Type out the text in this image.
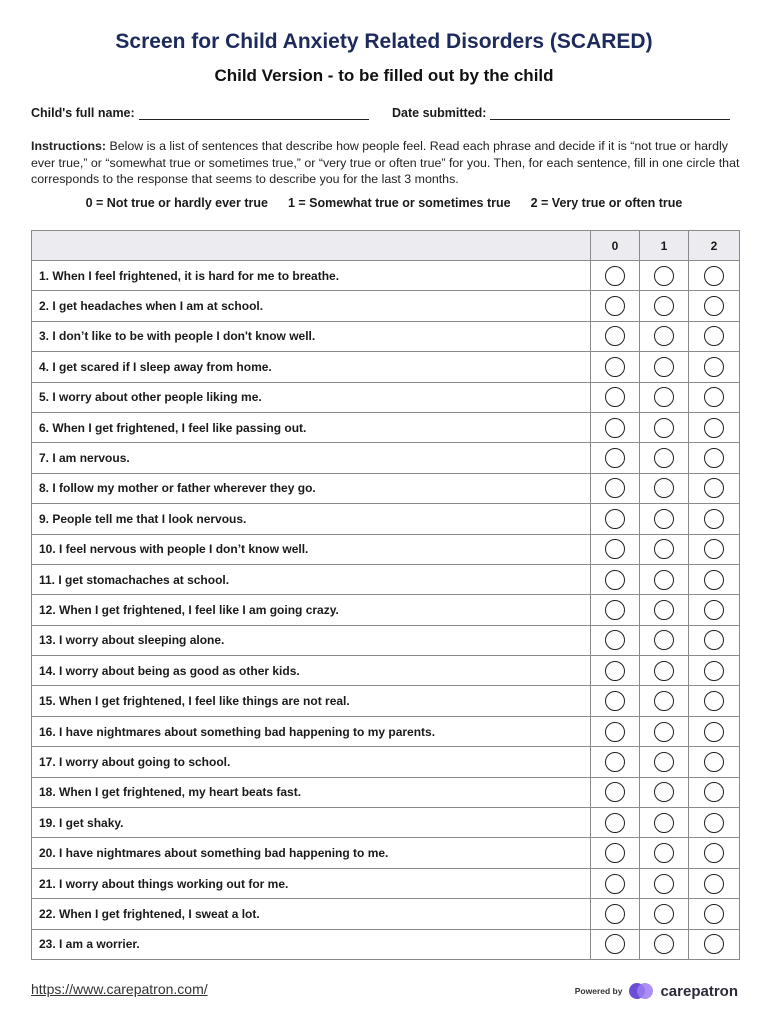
Screen for Child Anxiety Related Disorders (SCARED)
Child Version - to be filled out by the child
Child's full name:	Date submitted:
Instructions: Below is a list of sentences that describe how people feel. Read each phrase and decide if it is “not true or hardly ever true,” or “somewhat true or sometimes true,” or “very true or often true” for you. Then, for each sentence, fill in one circle that corresponds to the response that seems to describe you for the last 3 months.
0 = Not true or hardly ever true 1 = Somewhat true or sometimes true 2 = Very true or often true
	0	1	2
1. When I feel frightened, it is hard for me to breathe.			
2. I get headaches when I am at school.			
3. I don’t like to be with people I don't know well.			
4. I get scared if I sleep away from home.			
5. I worry about other people liking me.			
6. When I get frightened, I feel like passing out.			
7. I am nervous.			
8. I follow my mother or father wherever they go.			
9. People tell me that I look nervous.			
10. I feel nervous with people I don’t know well.			
11. I get stomachaches at school.			
12. When I get frightened, I feel like I am going crazy.			
13. I worry about sleeping alone.			
14. I worry about being as good as other kids.			
15. When I get frightened, I feel like things are not real.			
16. I have nightmares about something bad happening to my parents.			
17. I worry about going to school.			
18. When I get frightened, my heart beats fast.			
19. I get shaky.			
20. I have nightmares about something bad happening to me.			
21. I worry about things working out for me.			
22. When I get frightened, I sweat a lot.			
23. I am a worrier.			
https://www.carepatron.com/	Powered by	carepatron
